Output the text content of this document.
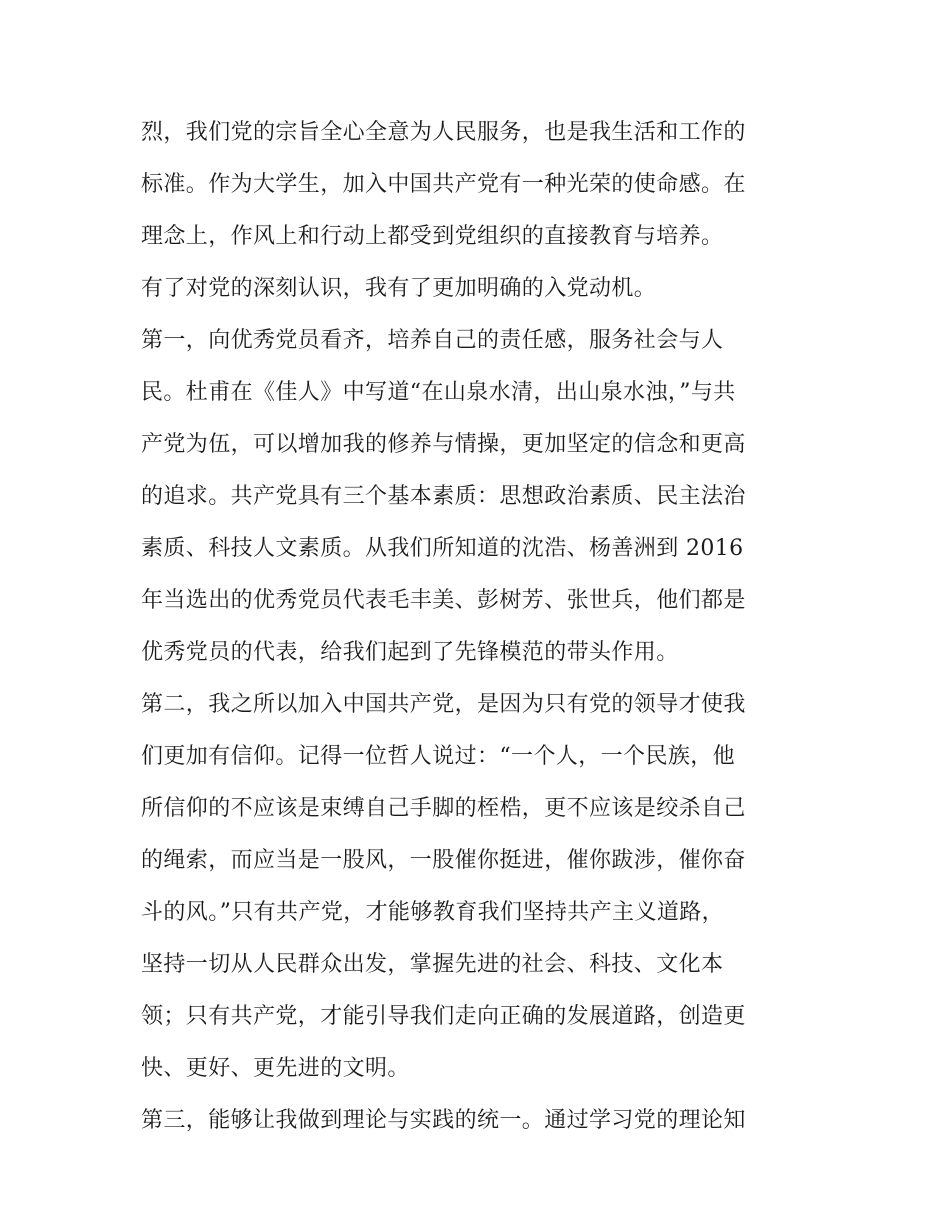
烈，我们党的宗旨全心全意为人民服务，也是我生活和工作的
标准。作为大学生，加入中国共产党有一种光荣的使命感。在
理念上，作风上和行动上都受到党组织的直接教育与培养。
有了对党的深刻认识，我有了更加明确的入党动机。
第一，向优秀党员看齐，培养自己的责任感，服务社会与人
民。杜甫在《佳人》中写道“在山泉水清，出山泉水浊，”与共
产党为伍，可以增加我的修养与情操，更加坚定的信念和更高
的追求。共产党具有三个基本素质：思想政治素质、民主法治
素质、科技人文素质。从我们所知道的沈浩、杨善洲到 2016
年当选出的优秀党员代表毛丰美、彭树芳、张世兵，他们都是
优秀党员的代表，给我们起到了先锋模范的带头作用。
第二，我之所以加入中国共产党，是因为只有党的领导才使我
们更加有信仰。记得一位哲人说过：“一个人，一个民族，他
所信仰的不应该是束缚自己手脚的桎梏，更不应该是绞杀自己
的绳索，而应当是一股风，一股催你挺进，催你跋涉，催你奋
斗的风。”只有共产党，才能够教育我们坚持共产主义道路，
坚持一切从人民群众出发，掌握先进的社会、科技、文化本
领；只有共产党，才能引导我们走向正确的发展道路，创造更
快、更好、更先进的文明。
第三，能够让我做到理论与实践的统一。通过学习党的理论知
